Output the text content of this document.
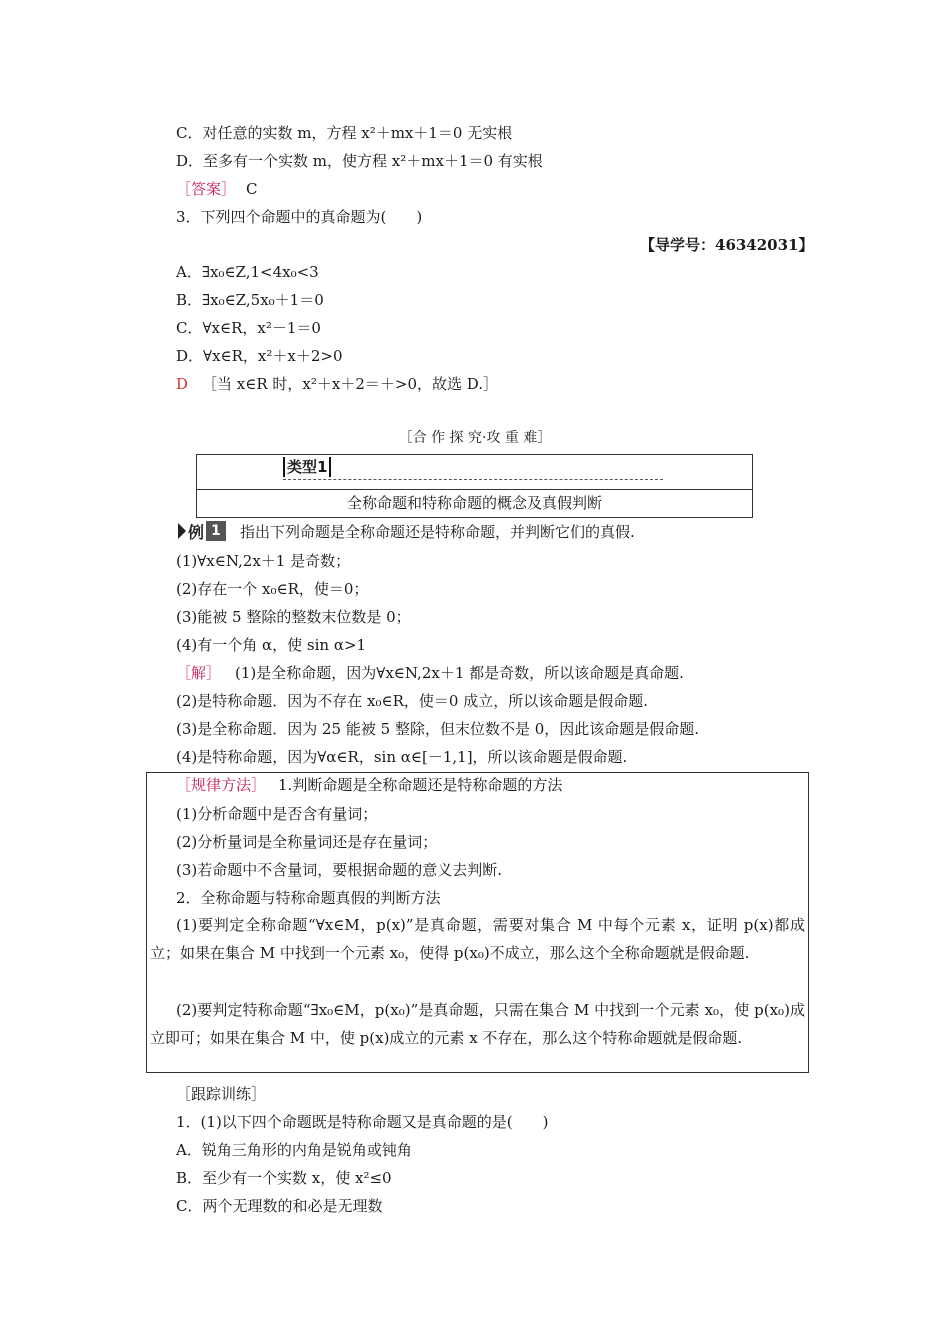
C．对任意的实数 m，方程 x²＋mx＋1＝0 无实根
D．至多有一个实数 m，使方程 x²＋mx＋1＝0 有实根
［答案］ C
3．下列四个命题中的真命题为(　　)
【导学号：46342031】
A．∃x₀∈Z,1<4x₀<3
B．∃x₀∈Z,5x₀＋1＝0
C．∀x∈R，x²－1＝0
D．∀x∈R，x²＋x＋2>0
D ［当 x∈R 时，x²＋x＋2＝＋>0，故选 D.］
［合 作 探 究·攻 重 难］
类型1
全称命题和特称命题的概念及真假判断
例 1	指出下列命题是全称命题还是特称命题，并判断它们的真假.
(1)∀x∈N,2x＋1 是奇数；
(2)存在一个 x₀∈R，使＝0；
(3)能被 5 整除的整数末位数是 0；
(4)有一个角 α，使 sin α>1
［解］ (1)是全称命题，因为∀x∈N,2x＋1 都是奇数，所以该命题是真命题.
(2)是特称命题．因为不存在 x₀∈R，使＝0 成立，所以该命题是假命题.
(3)是全称命题．因为 25 能被 5 整除，但末位数不是 0，因此该命题是假命题.
(4)是特称命题，因为∀α∈R，sin α∈[－1,1]，所以该命题是假命题.
［规律方法］ 1.判断命题是全称命题还是特称命题的方法
(1)分析命题中是否含有量词；
(2)分析量词是全称量词还是存在量词；
(3)若命题中不含量词，要根据命题的意义去判断.
2．全称命题与特称命题真假的判断方法
(1)要判定全称命题“∀x∈M，p(x)”是真命题，需要对集合 M 中每个元素 x，证明 p(x)都成立；如果在集合 M 中找到一个元素 x₀，使得 p(x₀)不成立，那么这个全称命题就是假命题.
(2)要判定特称命题“∃x₀∈M，p(x₀)”是真命题，只需在集合 M 中找到一个元素 x₀，使 p(x₀)成立即可；如果在集合 M 中，使 p(x)成立的元素 x 不存在，那么这个特称命题就是假命题.
［跟踪训练］
1．(1)以下四个命题既是特称命题又是真命题的是(　　)
A．锐角三角形的内角是锐角或钝角
B．至少有一个实数 x，使 x²≤0
C．两个无理数的和必是无理数
